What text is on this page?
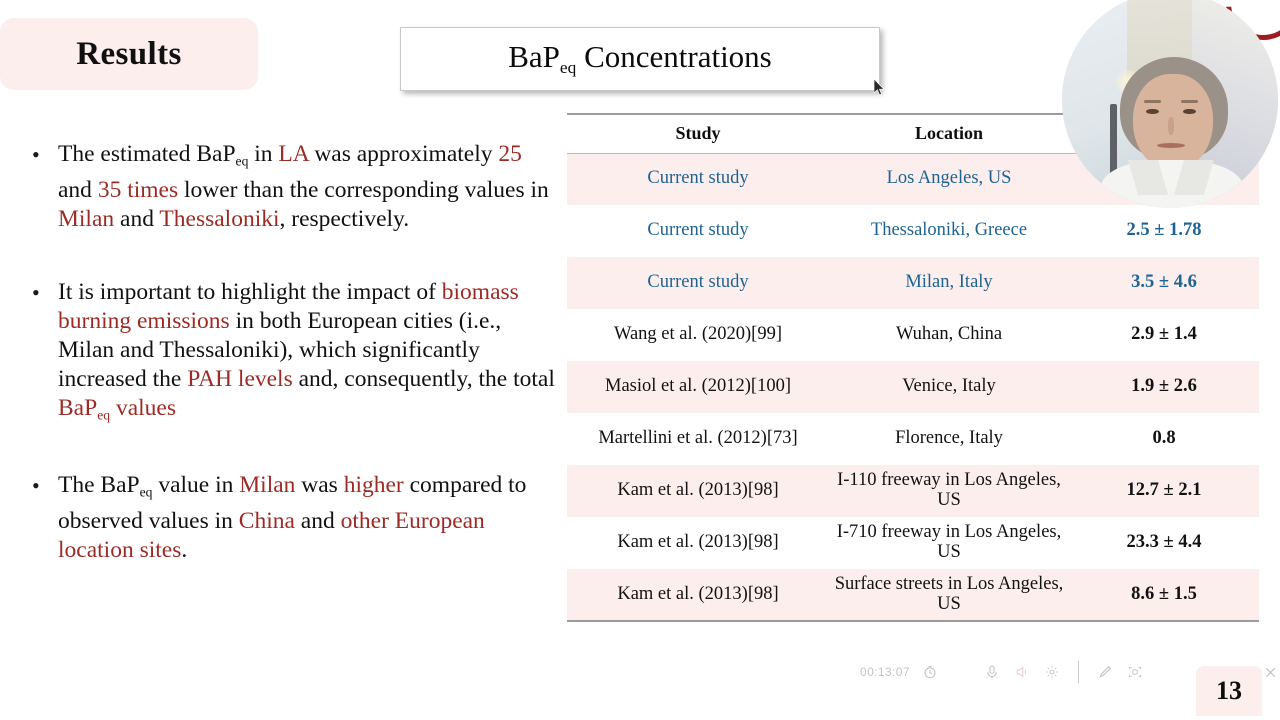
Results	BaP$_{eq}$ Concentrations
• The estimated BaP$_{eq}$ in LA was approximately 25 and 35 times lower than the corresponding values in Milan and Thessaloniki, respectively.
• It is important to highlight the impact of biomass burning emissions in both European cities (i.e., Milan and Thessaloniki), which significantly increased the PAH levels and, consequently, the total BaP$_{eq}$ values
• The BaP$_{eq}$ value in Milan was higher compared to observed values in China and other European location sites.
Study	Location	
Current study	Los Angeles, US	
Current study	Thessaloniki, Greece	2.5 ± 1.78
Current study	Milan, Italy	3.5 ± 4.6
Wang et al. (2020)[99]	Wuhan, China	2.9 ± 1.4
Masiol et al. (2012)[100]	Venice, Italy	1.9 ± 2.6
Martellini et al. (2012)[73]	Florence, Italy	0.8
Kam et al. (2013)[98]	I-110 freeway in Los Angeles, US	12.7 ± 2.1
Kam et al. (2013)[98]	I-710 freeway in Los Angeles, US	23.3 ± 4.4
Kam et al. (2013)[98]	Surface streets in Los Angeles, US	8.6 ± 1.5
00:13:07
13
